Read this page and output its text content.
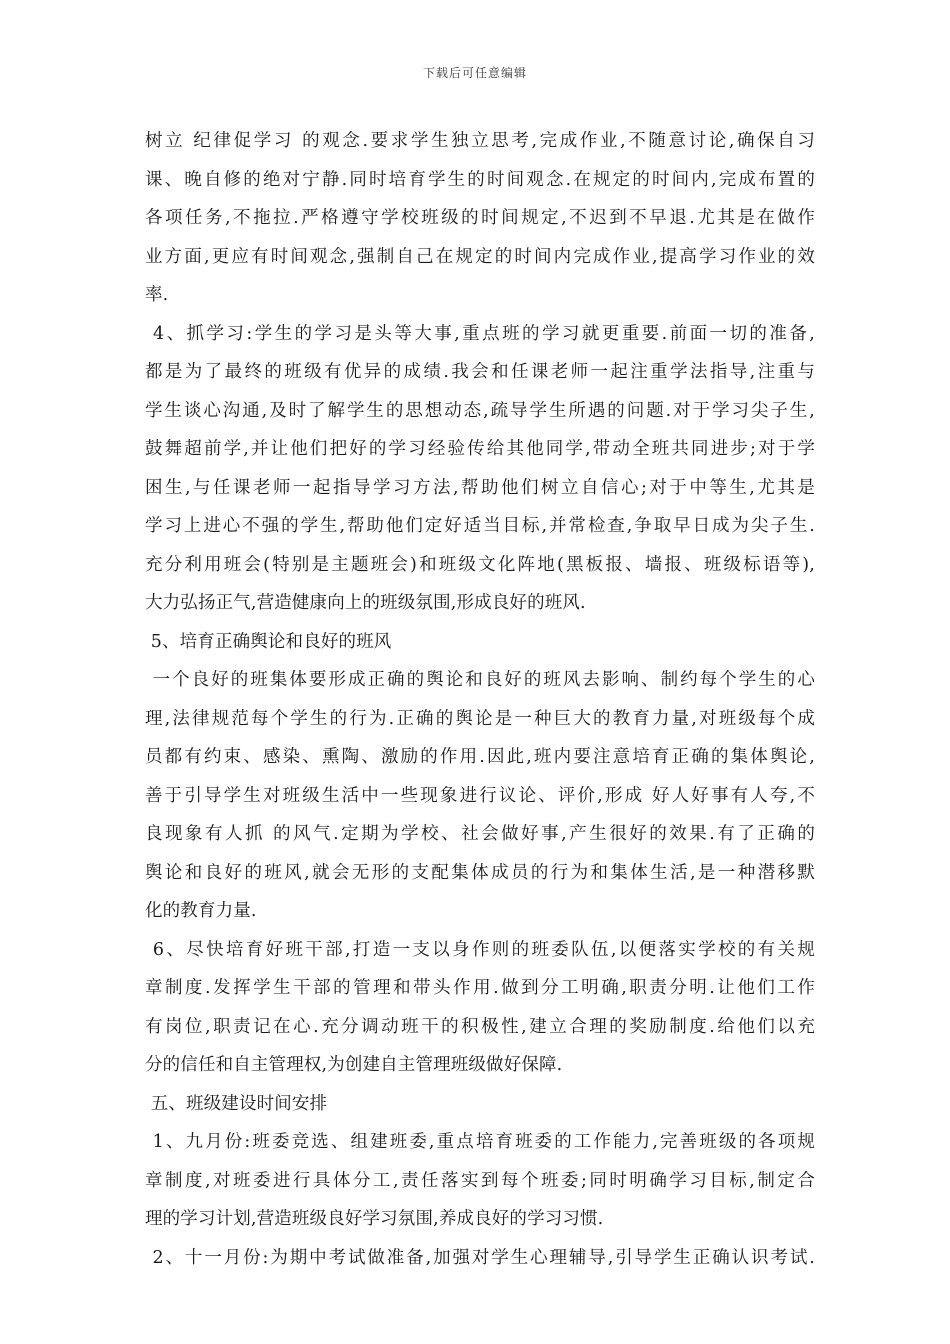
下载后可任意编辑
树立 纪律促学习 的观念.要求学生独立思考,完成作业,不随意讨论,确保自习
课、晚自修的绝对宁静.同时培育学生的时间观念.在规定的时间内,完成布置的
各项任务,不拖拉.严格遵守学校班级的时间规定,不迟到不早退.尤其是在做作
业方面,更应有时间观念,强制自己在规定的时间内完成作业,提高学习作业的效
率.
4、抓学习:学生的学习是头等大事,重点班的学习就更重要.前面一切的准备,
都是为了最终的班级有优异的成绩.我会和任课老师一起注重学法指导,注重与
学生谈心沟通,及时了解学生的思想动态,疏导学生所遇的问题.对于学习尖子生,
鼓舞超前学,并让他们把好的学习经验传给其他同学,带动全班共同进步;对于学
困生,与任课老师一起指导学习方法,帮助他们树立自信心;对于中等生,尤其是
学习上进心不强的学生,帮助他们定好适当目标,并常检查,争取早日成为尖子生.
充分利用班会(特别是主题班会)和班级文化阵地(黑板报、墙报、班级标语等),
大力弘扬正气,营造健康向上的班级氛围,形成良好的班风.
5、培育正确舆论和良好的班风
一个良好的班集体要形成正确的舆论和良好的班风去影响、制约每个学生的心
理,法律规范每个学生的行为.正确的舆论是一种巨大的教育力量,对班级每个成
员都有约束、感染、熏陶、激励的作用.因此,班内要注意培育正确的集体舆论,
善于引导学生对班级生活中一些现象进行议论、评价,形成 好人好事有人夸,不
良现象有人抓 的风气.定期为学校、社会做好事,产生很好的效果.有了正确的
舆论和良好的班风,就会无形的支配集体成员的行为和集体生活,是一种潜移默
化的教育力量.
6、尽快培育好班干部,打造一支以身作则的班委队伍,以便落实学校的有关规
章制度.发挥学生干部的管理和带头作用.做到分工明确,职责分明.让他们工作
有岗位,职责记在心.充分调动班干的积极性,建立合理的奖励制度.给他们以充
分的信任和自主管理权,为创建自主管理班级做好保障.
五、班级建设时间安排
1、九月份:班委竞选、组建班委,重点培育班委的工作能力,完善班级的各项规
章制度,对班委进行具体分工,责任落实到每个班委;同时明确学习目标,制定合
理的学习计划,营造班级良好学习氛围,养成良好的学习习惯.
2、十一月份:为期中考试做准备,加强对学生心理辅导,引导学生正确认识考试.
